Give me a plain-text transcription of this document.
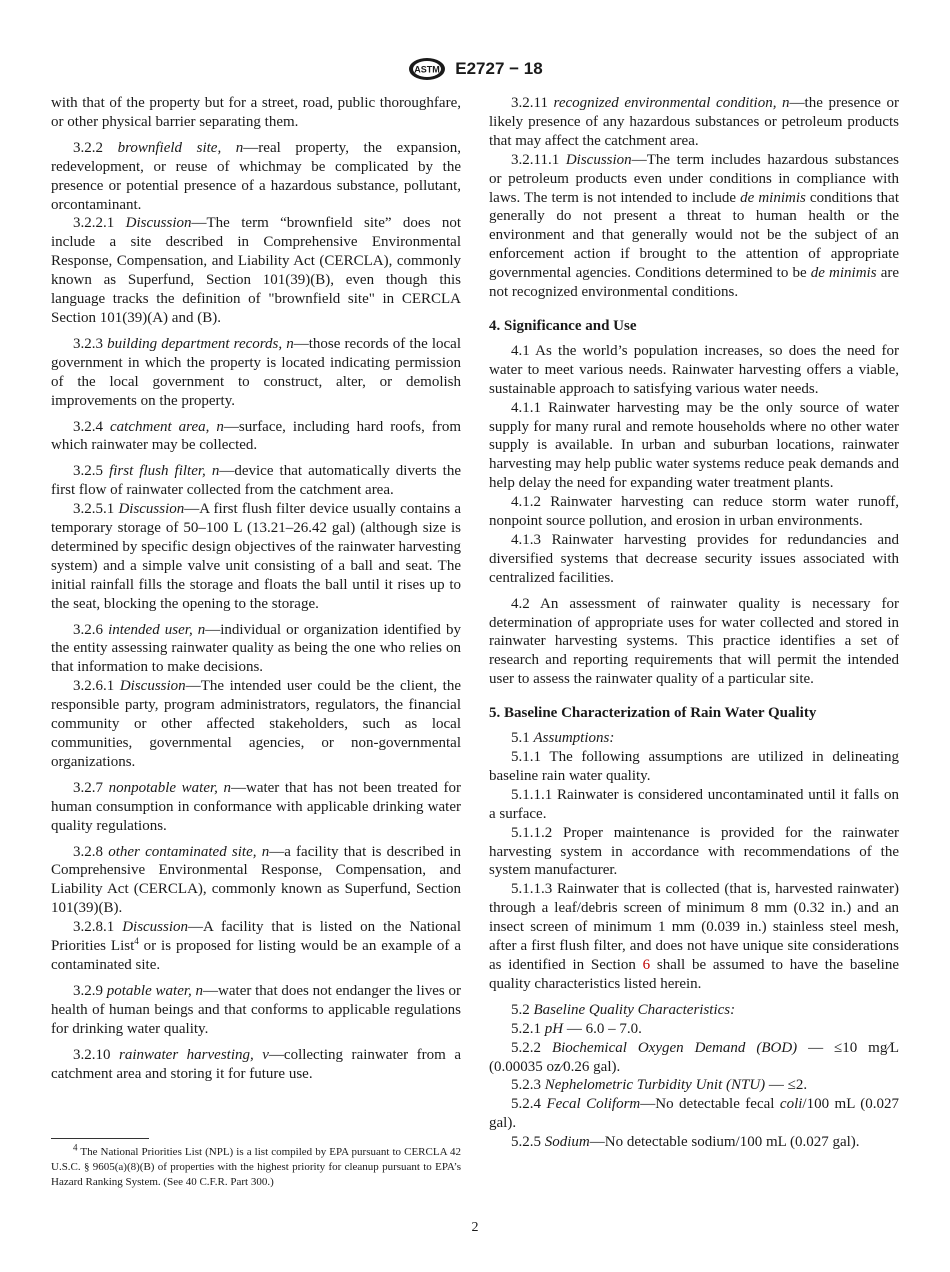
ASTM E2727 − 18

with that of the property but for a street, road, public thoroughfare, or other physical barrier separating them.

3.2.2 brownfield site, n—real property, the expansion, redevelopment, or reuse of whichmay be complicated by the presence or potential presence of a hazardous substance, pollutant, orcontaminant.

3.2.2.1 Discussion—The term “brownfield site” does not include a site described in Comprehensive Environmental Response, Compensation, and Liability Act (CERCLA), commonly known as Superfund, Section 101(39)(B), even though this language tracks the definition of "brownfield site" in CERCLA Section 101(39)(A) and (B).

3.2.3 building department records, n—those records of the local government in which the property is located indicating permission of the local government to construct, alter, or demolish improvements on the property.

3.2.4 catchment area, n—surface, including hard roofs, from which rainwater may be collected.

3.2.5 first flush filter, n—device that automatically diverts the first flow of rainwater collected from the catchment area.

3.2.5.1 Discussion—A first flush filter device usually contains a temporary storage of 50–100 L (13.21–26.42 gal) (although size is determined by specific design objectives of the rainwater harvesting system) and a simple valve unit consisting of a ball and seat. The initial rainfall fills the storage and floats the ball until it rises up to the seat, blocking the opening to the storage.

3.2.6 intended user, n—individual or organization identified by the entity assessing rainwater quality as being the one who relies on that information to make decisions.

3.2.6.1 Discussion—The intended user could be the client, the responsible party, program administrators, regulators, the financial community or other affected stakeholders, such as local communities, governmental agencies, or non-governmental organizations.

3.2.7 nonpotable water, n—water that has not been treated for human consumption in conformance with applicable drinking water quality regulations.

3.2.8 other contaminated site, n—a facility that is described in Comprehensive Environmental Response, Compensation, and Liability Act (CERCLA), commonly known as Superfund, Section 101(39)(B).

3.2.8.1 Discussion—A facility that is listed on the National Priorities List$^4$ or is proposed for listing would be an example of a contaminated site.

3.2.9 potable water, n—water that does not endanger the lives or health of human beings and that conforms to applicable regulations for drinking water quality.

3.2.10 rainwater harvesting, v—collecting rainwater from a catchment area and storing it for future use.

$^4$ The National Priorities List (NPL) is a list compiled by EPA pursuant to CERCLA 42 U.S.C. § 9605(a)(8)(B) of properties with the highest priority for cleanup pursuant to EPA’s Hazard Ranking System. (See 40 C.F.R. Part 300.)

3.2.11 recognized environmental condition, n—the presence or likely presence of any hazardous substances or petroleum products that may affect the catchment area.

3.2.11.1 Discussion—The term includes hazardous substances or petroleum products even under conditions in compliance with laws. The term is not intended to include de minimis conditions that generally do not present a threat to human health or the environment and that generally would not be the subject of an enforcement action if brought to the attention of appropriate governmental agencies. Conditions determined to be de minimis are not recognized environmental conditions.

4. Significance and Use

4.1 As the world’s population increases, so does the need for water to meet various needs. Rainwater harvesting offers a viable, sustainable approach to satisfying various water needs.

4.1.1 Rainwater harvesting may be the only source of water supply for many rural and remote households where no other water supply is available. In urban and suburban locations, rainwater harvesting may help public water systems reduce peak demands and help delay the need for expanding water treatment plants.

4.1.2 Rainwater harvesting can reduce storm water runoff, nonpoint source pollution, and erosion in urban environments.

4.1.3 Rainwater harvesting provides for redundancies and diversified systems that decrease security issues associated with centralized facilities.

4.2 An assessment of rainwater quality is necessary for determination of appropriate uses for water collected and stored in rainwater harvesting systems. This practice identifies a set of research and reporting requirements that will permit the intended user to assess the rainwater quality of a particular site.

5. Baseline Characterization of Rain Water Quality

5.1 Assumptions:

5.1.1 The following assumptions are utilized in delineating baseline rain water quality.

5.1.1.1 Rainwater is considered uncontaminated until it falls on a surface.

5.1.1.2 Proper maintenance is provided for the rainwater harvesting system in accordance with recommendations of the system manufacturer.

5.1.1.3 Rainwater that is collected (that is, harvested rainwater) through a leaf/debris screen of minimum 8 mm (0.32 in.) and an insect screen of minimum 1 mm (0.039 in.) stainless steel mesh, after a first flush filter, and does not have unique site considerations as identified in Section 6 shall be assumed to have the baseline quality characteristics listed herein.

5.2 Baseline Quality Characteristics:

5.2.1 pH — 6.0 – 7.0.

5.2.2 Biochemical Oxygen Demand (BOD) — ≤10 mg⁄L (0.00035 oz⁄0.26 gal).

5.2.3 Nephelometric Turbidity Unit (NTU) — ≤2.

5.2.4 Fecal Coliform—No detectable fecal coli/100 mL (0.027 gal).

5.2.5 Sodium—No detectable sodium/100 mL (0.027 gal).

2
